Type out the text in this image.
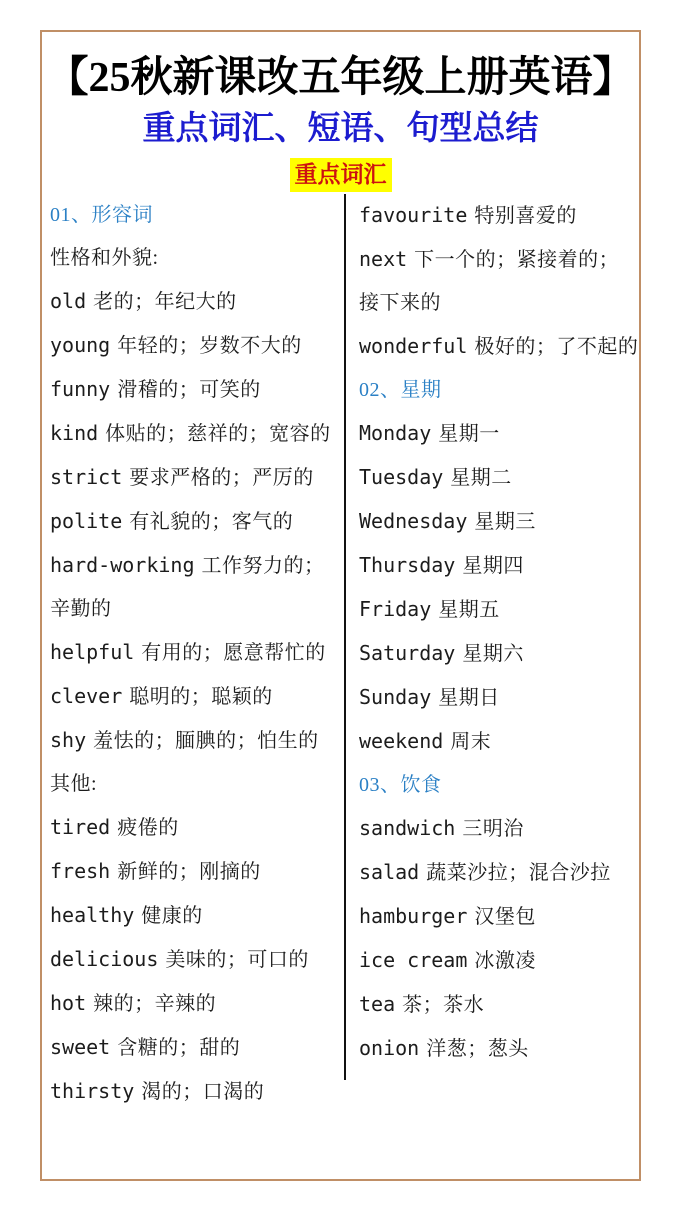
【25秋新课改五年级上册英语】
重点词汇、短语、句型总结
重点词汇
01、形容词
性格和外貌:
old 老的；年纪大的
young 年轻的；岁数不大的
funny 滑稽的；可笑的
kind 体贴的；慈祥的；宽容的
strict 要求严格的；严厉的
polite 有礼貌的；客气的
hard-working 工作努力的；辛勤的
helpful 有用的；愿意帮忙的
clever 聪明的；聪颖的
shy 羞怯的；腼腆的；怕生的
其他:
tired 疲倦的
fresh 新鲜的；刚摘的
healthy 健康的
delicious 美味的；可口的
hot 辣的；辛辣的
sweet 含糖的；甜的
thirsty 渴的；口渴的
favourite 特别喜爱的
next 下一个的；紧接着的；接下来的
wonderful 极好的；了不起的
02、星期
Monday 星期一
Tuesday 星期二
Wednesday 星期三
Thursday 星期四
Friday 星期五
Saturday 星期六
Sunday 星期日
weekend 周末
03、饮食
sandwich 三明治
salad 蔬菜沙拉；混合沙拉
hamburger 汉堡包
ice cream 冰激凌
tea 茶；茶水
onion 洋葱；葱头
